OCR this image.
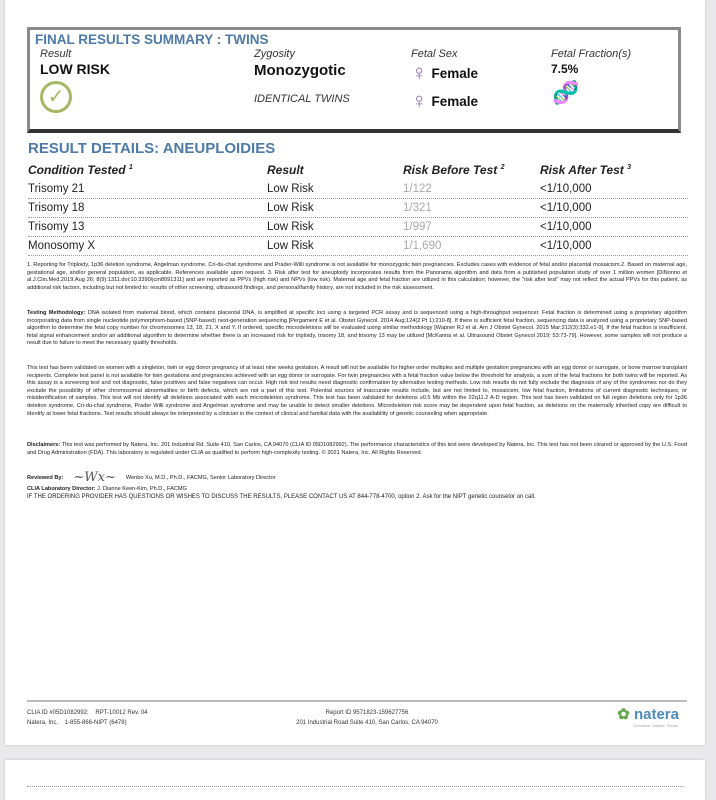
FINAL RESULTS SUMMARY : TWINS
Result
LOW RISK
✓
Zygosity
Monozygotic
IDENTICAL TWINS
Fetal Sex
♀ Female
♀ Female
Fetal Fraction(s)
7.5%
🧬
RESULT DETAILS: ANEUPLOIDIES
Condition Tested $^1$	Result	Risk Before Test $^2$	Risk After Test $^3$
Trisomy 21	Low Risk	1/122	<1/10,000
Trisomy 18	Low Risk	1/321	<1/10,000
Trisomy 13	Low Risk	1/997	<1/10,000
Monosomy X	Low Risk	1/1,690	<1/10,000
1. Reporting for Triploidy, 1p36 deletion syndrome, Angelman syndrome, Cri-du-chat syndrome and Prader-Willi syndrome is not available for monozygotic twin pregnancies. Excludes cases with evidence of fetal and/or placental mosaicism.2. Based on maternal age, gestational age, and/or general population, as applicable. References available upon request. 3. Risk after test for aneuploidy incorporates results from the Panorama algorithm and data from a published population study of over 1 million women [DiNonno et al.J.Clin.Med.2019.Aug 26; 8(9):1311.doi:10.3390/jcm8091311] and are reported as PPVs (high risk) and NPVs (low risk). Maternal age and fetal fraction are utilized in this calculation; however, the "risk after test" may not reflect the actual PPVs for this patient, as additional risk factors, including but not limited to: results of other screening, ultrasound findings, and personal/family history, are not included in the risk assessment.
Testing Methodology: DNA isolated from maternal blood, which contains placental DNA, is amplified at specific loci using a targeted PCR assay and is sequenced using a high-throughput sequencer. Fetal fraction is determined using a proprietary algorithm incorporating data from single nucleotide polymorphism-based (SNP-based) next-generation sequencing [Pergament E et al. Obstet Gynecol. 2014 Aug;124(2 Pt 1):210-8]. If there is sufficient fetal fraction, sequencing data is analyzed using a proprietary SNP-based algorithm to determine the fetal copy number for chromosomes 13, 18, 21, X and Y. If ordered, specific microdeletions will be evaluated using similar methodology [Wapner RJ et al. Am J Obstet Gynecol. 2015 Mar;212(3):332.e1-9]. If the fetal fraction is insufficient, fetal signal enhancement and/or an additional algorithm to determine whether there is an increased risk for triploidy, trisomy 18, and trisomy 13 may be utilized [McKanna et al. Ultrasound Obstet Gynecol 2019; 53:73-79]. However, some samples will not produce a result due to failure to meet the necessary quality thresholds.
This test has been validated on women with a singleton, twin or egg donor pregnancy of at least nine weeks gestation. A result will not be available for higher order multiples and multiple gestation pregnancies with an egg donor or surrogate, or bone marrow transplant recipients. Complete test panel is not available for twin gestations and pregnancies achieved with an egg donor or surrogate. For twin pregnancies with a fetal fraction value below the threshold for analysis, a sum of the fetal fractions for both twins will be reported. As this assay is a screening test and not diagnostic, false positives and false negatives can occur. High risk test results need diagnostic confirmation by alternative testing methods. Low risk results do not fully exclude the diagnosis of any of the syndromes nor do they exclude the possibility of other chromosomal abnormalities or birth defects, which are not a part of this test. Potential sources of inaccurate results include, but are not limited to, mosaicism, low fetal fraction, limitations of current diagnostic techniques, or misidentification of samples. This test will not identify all deletions associated with each microdeletion syndrome. This test has been validated for deletions ≥0.5 Mb within the 22q11.2 A-D region. This test has been validated on full region deletions only for 1p36 deletion syndrome, Cri-du-chat syndrome, Prader Willi syndrome and Angelman syndrome and may be unable to detect smaller deletions. Microdeletion risk score may be dependent upon fetal fraction, as deletions on the maternally inherited copy are difficult to identify at lower fetal fractions. Test results should always be interpreted by a clinician in the context of clinical and familial data with the availability of genetic counseling when appropriate.
Disclaimers: This test was performed by Natera, Inc. 201 Industrial Rd. Suite 410, San Carlos, CA 94070 (CLIA ID 05D1082992). The performance characteristics of this test were developed by Natera, Inc. This test has not been cleared or approved by the U.S. Food and Drug Administration (FDA). This laboratory is regulated under CLIA as qualified to perform high-complexity testing. © 2021 Natera, Inc. All Rights Reserved.
Reviewed By: ~Wx~ Wenbo Xu, M.D., Ph.D., FACMG, Senior Laboratory Director
CLIA Laboratory Director: J. Dianne Keen-Kim, Ph.D., FACMG
IF THE ORDERING PROVIDER HAS QUESTIONS OR WISHES TO DISCUSS THE RESULTS, PLEASE CONTACT US AT 844-778-4700, option 2. Ask for the NIPT genetic counselor on call.
CLIA ID #05D1082992;    RPT-10012 Rev. 04
Natera, Inc.    1-855-866-NIPT (6478)
Report ID 9571823-159627756
201 Industrial Road Suite 410, San Carlos, CA 94070	✿ natera
Conceive. Deliver. Thrive.
